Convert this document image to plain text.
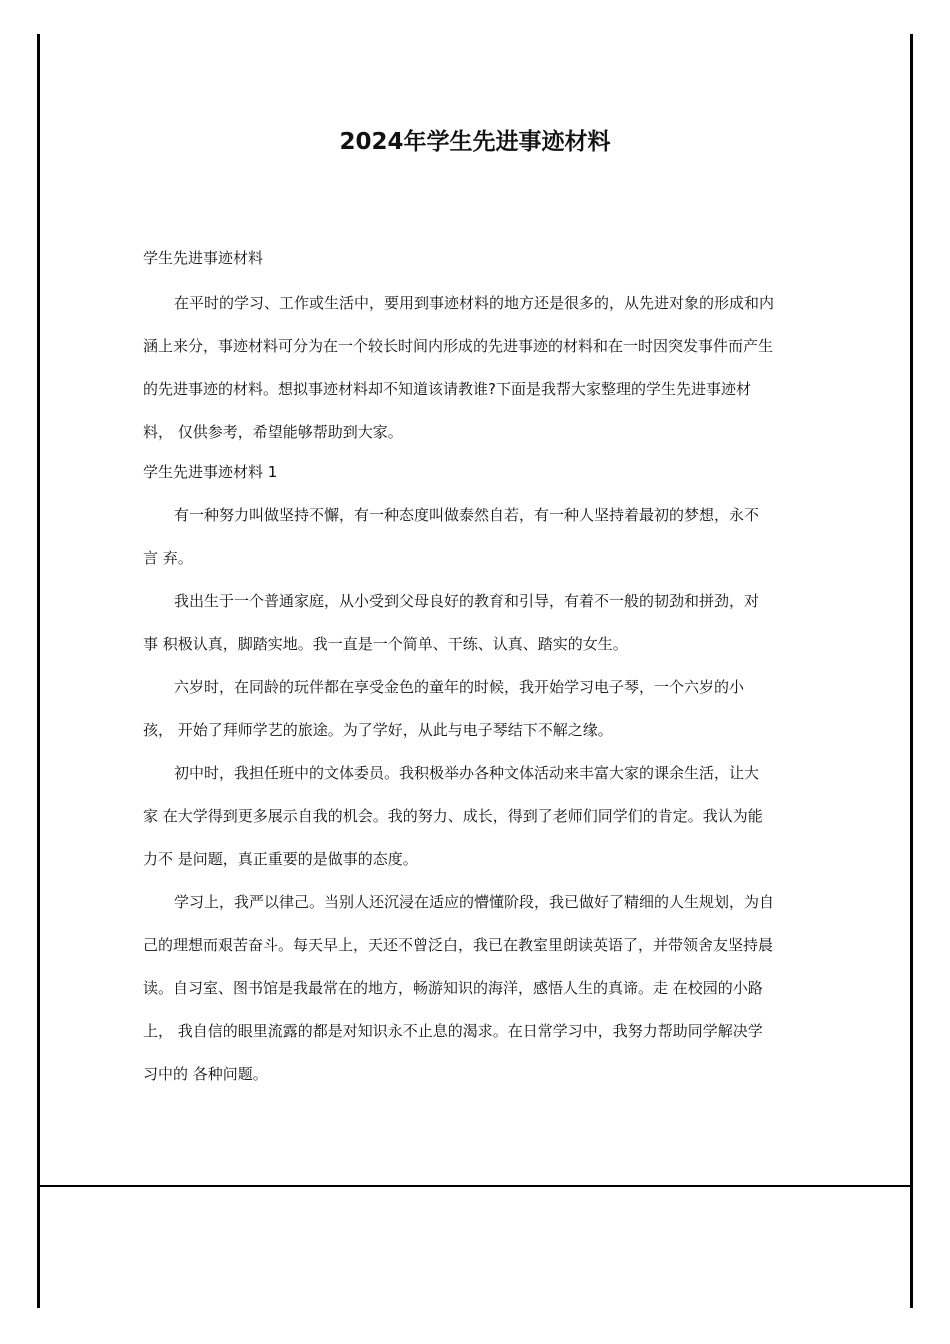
2024年学生先进事迹材料

学生先进事迹材料

在平时的学习、工作或生活中，要用到事迹材料的地方还是很多的，从先进对象的形成和内
涵上来分，事迹材料可分为在一个较长时间内形成的先进事迹的材料和在一时因突发事件而产生
的先进事迹的材料。想拟事迹材料却不知道该请教谁?下面是我帮大家整理的学生先进事迹材
料， 仅供参考，希望能够帮助到大家。

学生先进事迹材料 1

有一种努力叫做坚持不懈，有一种态度叫做泰然自若，有一种人坚持着最初的梦想，永不
言 弃。

我出生于一个普通家庭，从小受到父母良好的教育和引导，有着不一般的韧劲和拼劲，对
事 积极认真，脚踏实地。我一直是一个简单、干练、认真、踏实的女生。

六岁时，在同龄的玩伴都在享受金色的童年的时候，我开始学习电子琴，一个六岁的小
孩， 开始了拜师学艺的旅途。为了学好，从此与电子琴结下不解之缘。

初中时，我担任班中的文体委员。我积极举办各种文体活动来丰富大家的课余生活，让大
家 在大学得到更多展示自我的机会。我的努力、成长，得到了老师们同学们的肯定。我认为能
力不 是问题，真正重要的是做事的态度。

学习上，我严以律己。当别人还沉浸在适应的懵懂阶段，我已做好了精细的人生规划，为自
己的理想而艰苦奋斗。每天早上，天还不曾泛白，我已在教室里朗读英语了，并带领舍友坚持晨
读。自习室、图书馆是我最常在的地方，畅游知识的海洋，感悟人生的真谛。走 在校园的小路
上， 我自信的眼里流露的都是对知识永不止息的渴求。在日常学习中，我努力帮助同学解决学
习中的 各种问题。
